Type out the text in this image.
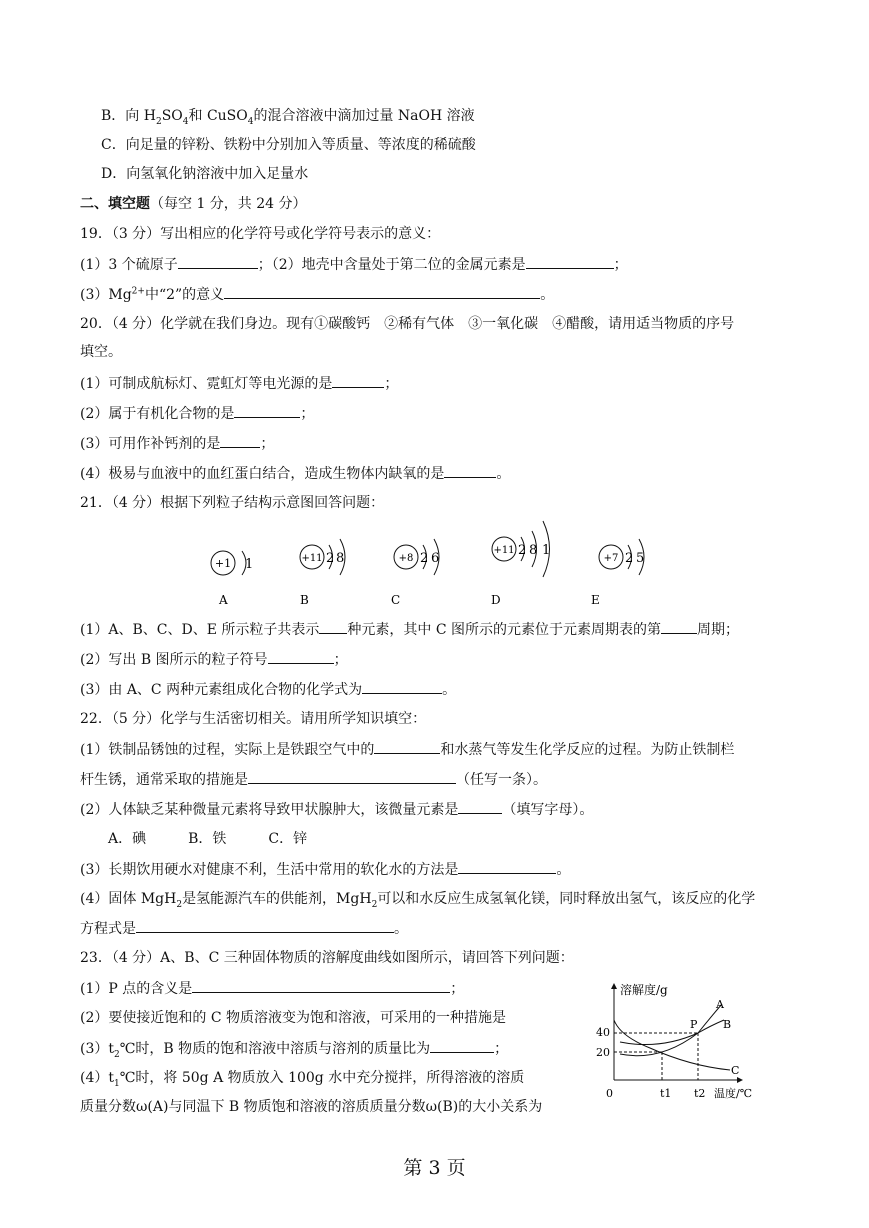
B．向 $H_2SO_4$和 CuSO$_4$的混合溶液中滴加过量 NaOH 溶液
C．向足量的锌粉、铁粉中分别加入等质量、等浓度的稀硫酸
D．向氢氧化钠溶液中加入足量水
二、填空题（每空 1 分，共 24 分）
19．（3 分）写出相应的化学符号或化学符号表示的意义：
(1）3 个硫原子	；（2）地壳中含量处于第二位的金属元素是	；
$(3)Mg^{2+}$中“2”的意义	。
20．（4 分）化学就在我们身边。现有①碳酸钙　②稀有气体　③一氧化碳　④醋酸，请用适当物质的序号
填空。
(1）可制成航标灯、霓虹灯等电光源的是	；
(2）属于有机化合物的是	；
(3）可用作补钙剂的是	；
(4）极易与血液中的血红蛋白结合，造成生物体内缺氧的是	。
21．（4 分）根据下列粒子结构示意图回答问题：
+1 1
A
+11 2 8
B
+8 2 6
C
+11 2 8 1
D
+7 2 5
E
(1）A、B、C、D、E 所示粒子共表示 种元素，其中 C 图所示的元素位于元素周期表的第	周期；
(2）写出 B 图所示的粒子符号	；
(3）由 A、C 两种元素组成化合物的化学式为	。
22．（5 分）化学与生活密切相关。请用所学知识填空：
(1）铁制品锈蚀的过程，实际上是铁跟空气中的	和水蒸气等发生化学反应的过程。为防止铁制栏
杆生锈，通常采取的措施是	（任写一条）。
(2）人体缺乏某种微量元素将导致甲状腺肿大，该微量元素是	（填写字母）。
A．碘　　　B．铁　　　C．锌
(3）长期饮用硬水对健康不利，生活中常用的软化水的方法是	。
(4）固体 MgH$_2$是氢能源汽车的供能剂，MgH$_2$可以和水反应生成氢氧化镁，同时释放出氢气，该反应的化学
方程式是	。
23．（4 分）A、B、C 三种固体物质的溶解度曲线如图所示，请回答下列问题：
(1）P 点的含义是	；
(2）要使接近饱和的 C 物质溶液变为饱和溶液，可采用的一种措施是
$(3)t_2℃$时，B 物质的饱和溶液中溶质与溶剂的质量比为	；
$(4)t_1℃$时，将 50g A 物质放入 100g 水中充分搅拌，所得溶液的溶质
质量分数ω(A)与同温下 B 物质饱和溶液的溶质质量分数ω(B)的大小关系为
溶解度/g
温度/℃
0
20
40
t1 t2
P
A
B
C
第 3 页
